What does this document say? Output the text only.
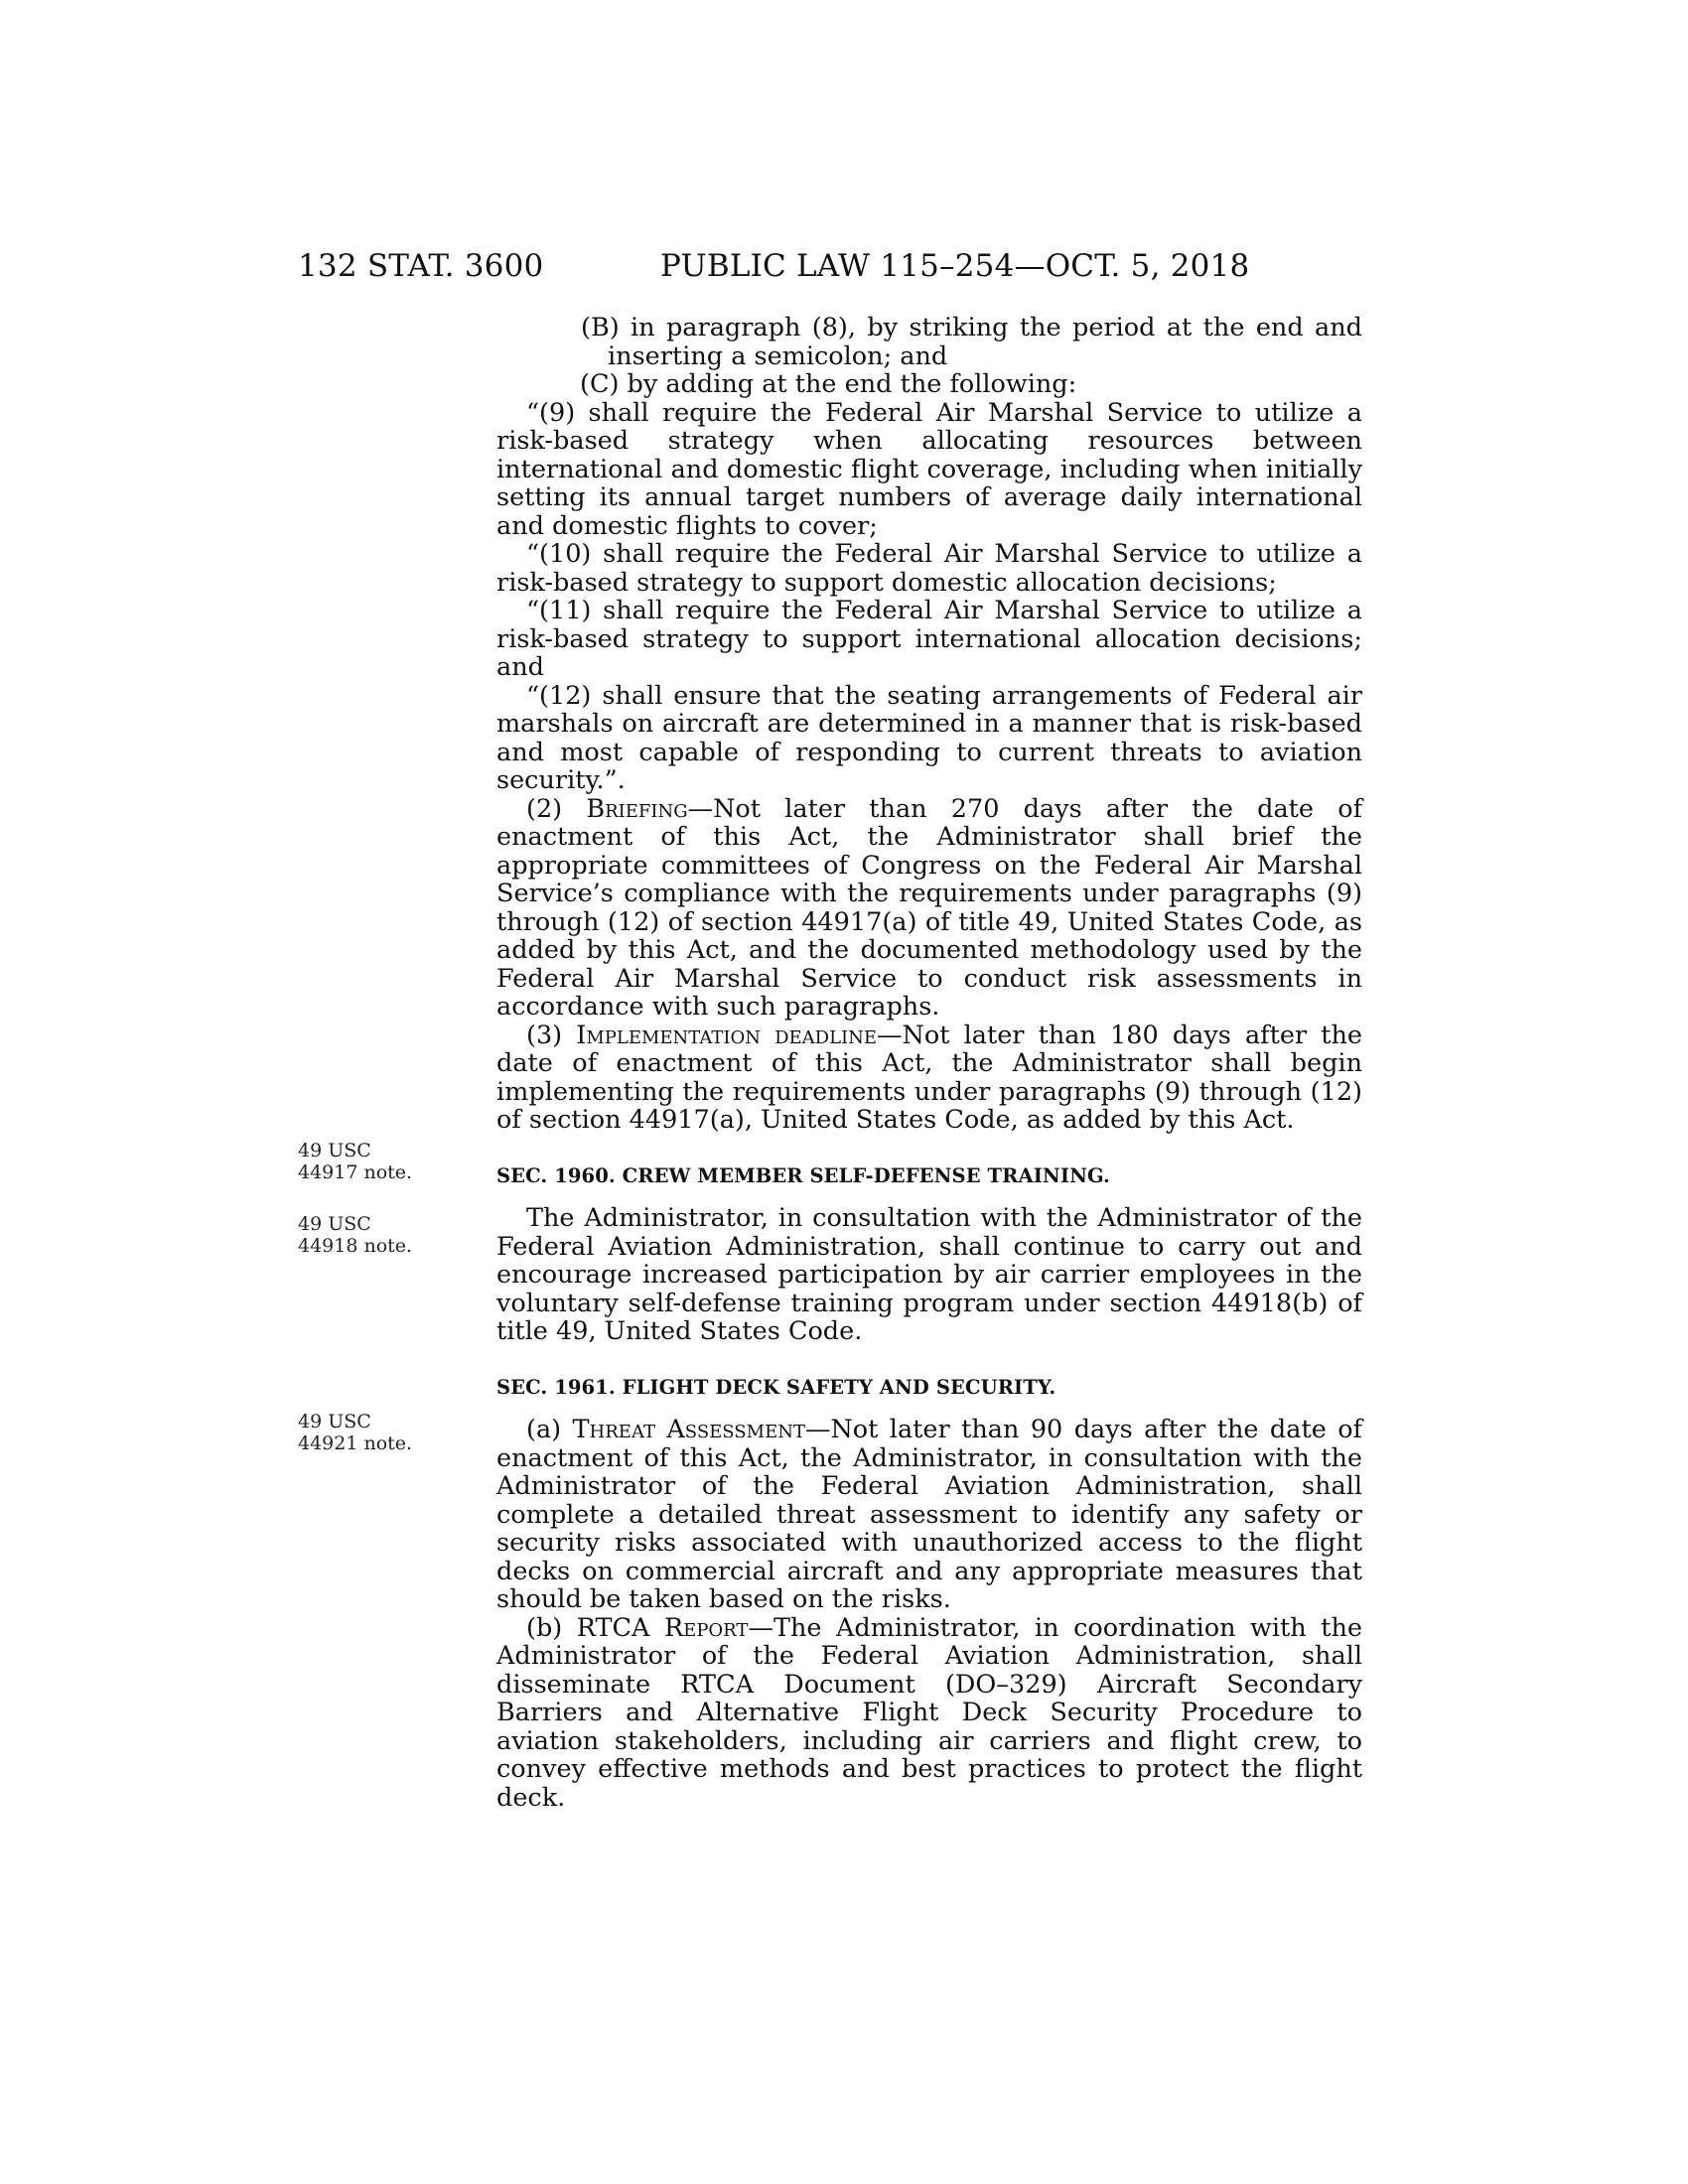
132 STAT. 3600	PUBLIC LAW 115–254—OCT. 5, 2018
49 USC 44917 note.
49 USC 44918 note.
49 USC 44921 note.

(B) in paragraph (8), by striking the period at the end and inserting a semicolon; and

(C) by adding at the end the following:

“(9) shall require the Federal Air Marshal Service to utilize a risk-based strategy when allocating resources between international and domestic flight coverage, including when initially setting its annual target numbers of average daily international and domestic flights to cover;

“(10) shall require the Federal Air Marshal Service to utilize a risk-based strategy to support domestic allocation decisions;

“(11) shall require the Federal Air Marshal Service to utilize a risk-based strategy to support international allocation decisions; and

“(12) shall ensure that the seating arrangements of Federal air marshals on aircraft are determined in a manner that is risk-based and most capable of responding to current threats to aviation security.”.

(2) Briefing—Not later than 270 days after the date of enactment of this Act, the Administrator shall brief the appropriate committees of Congress on the Federal Air Marshal Service’s compliance with the requirements under paragraphs (9) through (12) of section 44917(a) of title 49, United States Code, as added by this Act, and the documented methodology used by the Federal Air Marshal Service to conduct risk assessments in accordance with such paragraphs.

(3) Implementation deadline—Not later than 180 days after the date of enactment of this Act, the Administrator shall begin implementing the requirements under paragraphs (9) through (12) of section 44917(a), United States Code, as added by this Act.

SEC. 1960. CREW MEMBER SELF-DEFENSE TRAINING.

The Administrator, in consultation with the Administrator of the Federal Aviation Administration, shall continue to carry out and encourage increased participation by air carrier employees in the voluntary self-defense training program under section 44918(b) of title 49, United States Code.

SEC. 1961. FLIGHT DECK SAFETY AND SECURITY.

(a) Threat Assessment—Not later than 90 days after the date of enactment of this Act, the Administrator, in consultation with the Administrator of the Federal Aviation Administration, shall complete a detailed threat assessment to identify any safety or security risks associated with unauthorized access to the flight decks on commercial aircraft and any appropriate measures that should be taken based on the risks.

(b) RTCA Report—The Administrator, in coordination with the Administrator of the Federal Aviation Administration, shall disseminate RTCA Document (DO–329) Aircraft Secondary Barriers and Alternative Flight Deck Security Procedure to aviation stakeholders, including air carriers and flight crew, to convey effective methods and best practices to protect the flight deck.
